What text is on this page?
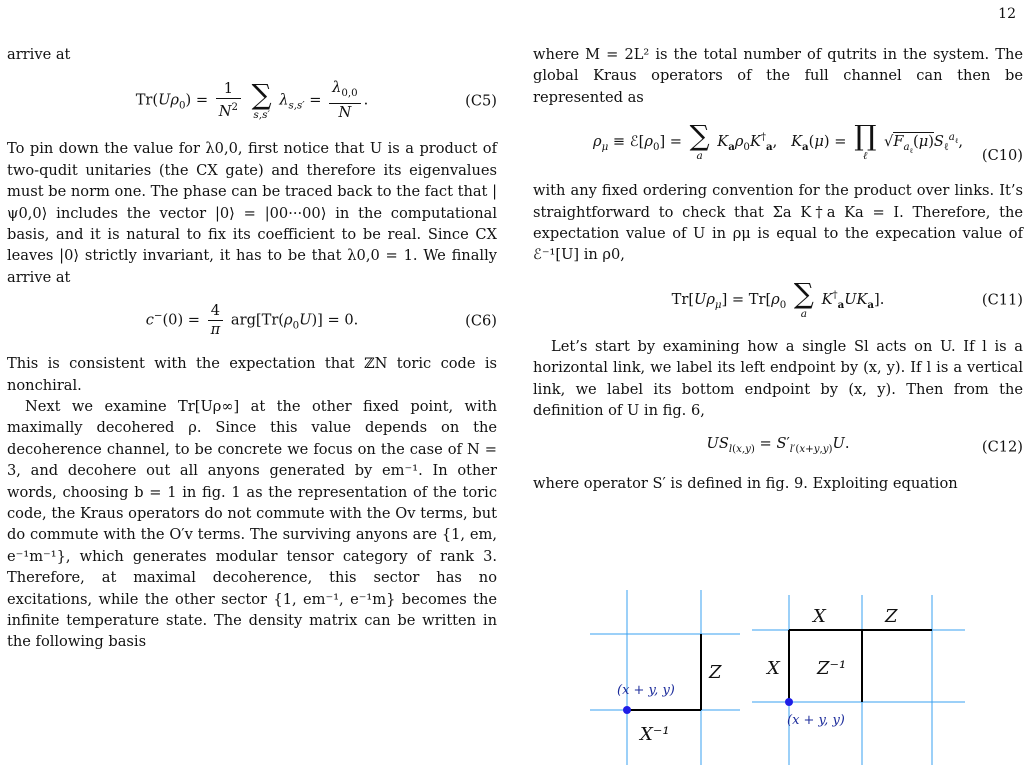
12

arrive at

$Tr(U\rho_0) = \frac{1}{N^2}$
∑
s,s′
$\lambda_{s,s'} = \frac{\lambda_{0,0}}{N}$ .	(C5)

To pin down the value for λ0,0, first notice that U is a product of two-qudit unitaries (the CX gate) and therefore its eigenvalues must be norm one. The phase can be traced back to the fact that |ψ0,0⟩ includes the vector |0⟩ = |00···00⟩ in the computational basis, and it is natural to fix its coefficient to be real. Since CX leaves |0⟩ strictly invariant, it has to be that λ0,0 = 1. We finally arrive at

$c^-(0) = \frac{4}{\pi} arg[Tr(\rho_0U)] = 0$.	(C6)

This is consistent with the expectation that ℤN toric code is nonchiral.

Next we examine Tr[Uρ∞] at the other fixed point, with maximally decohered ρ. Since this value depends on the decoherence channel, to be concrete we focus on the case of N = 3, and decohere out all anyons generated by em⁻¹. In other words, choosing b = 1 in fig. 1 as the representation of the toric code, the Kraus operators do not commute with the Ov terms, but do commute with the O′v terms. The surviving anyons are {1, em, e⁻¹m⁻¹}, which generates modular tensor category of rank 3. Therefore, at maximal decoherence, this sector has no excitations, while the other sector {1, em⁻¹, e⁻¹m} becomes the infinite temperature state. The density matrix can be written in the following basis

where M = 2L² is the total number of qutrits in the system. The global Kraus operators of the full channel can then be represented as

$\rho_\mu$ ≡ $ℰ[\rho_0]$ = ∑
a
$K_a\rho_0K^\dagger_a$,   $K_a(\mu)$ = ∏
ℓ
$√F_{a_\ell}(\mu)S_\ell^{a_\ell}$,
(C10)

with any fixed ordering convention for the product over links. It’s straightforward to check that Σa K†a Ka = I. Therefore, the expectation value of U in ρμ is equal to the expecation value of ℰ⁻¹[U] in ρ0,

$Tr[U\rho_\mu] = Tr[\rho_0$ ∑
a
$K^\dagger_aUK_a$].	(C11)

Let’s start by examining how a single Sl acts on U. If l is a horizontal link, we label its left endpoint by (x, y). If l is a vertical link, we label its bottom endpoint by (x, y). Then from the definition of U in fig. 6,

$US_{l(x,y)} = S'_{l'(x+y,y)}U$.	(C12)

where operator S′ is defined in fig. 9. Exploiting equation

Z
X⁻¹
(x + y, y)
X	Z
X Z⁻¹
(x + y, y)
